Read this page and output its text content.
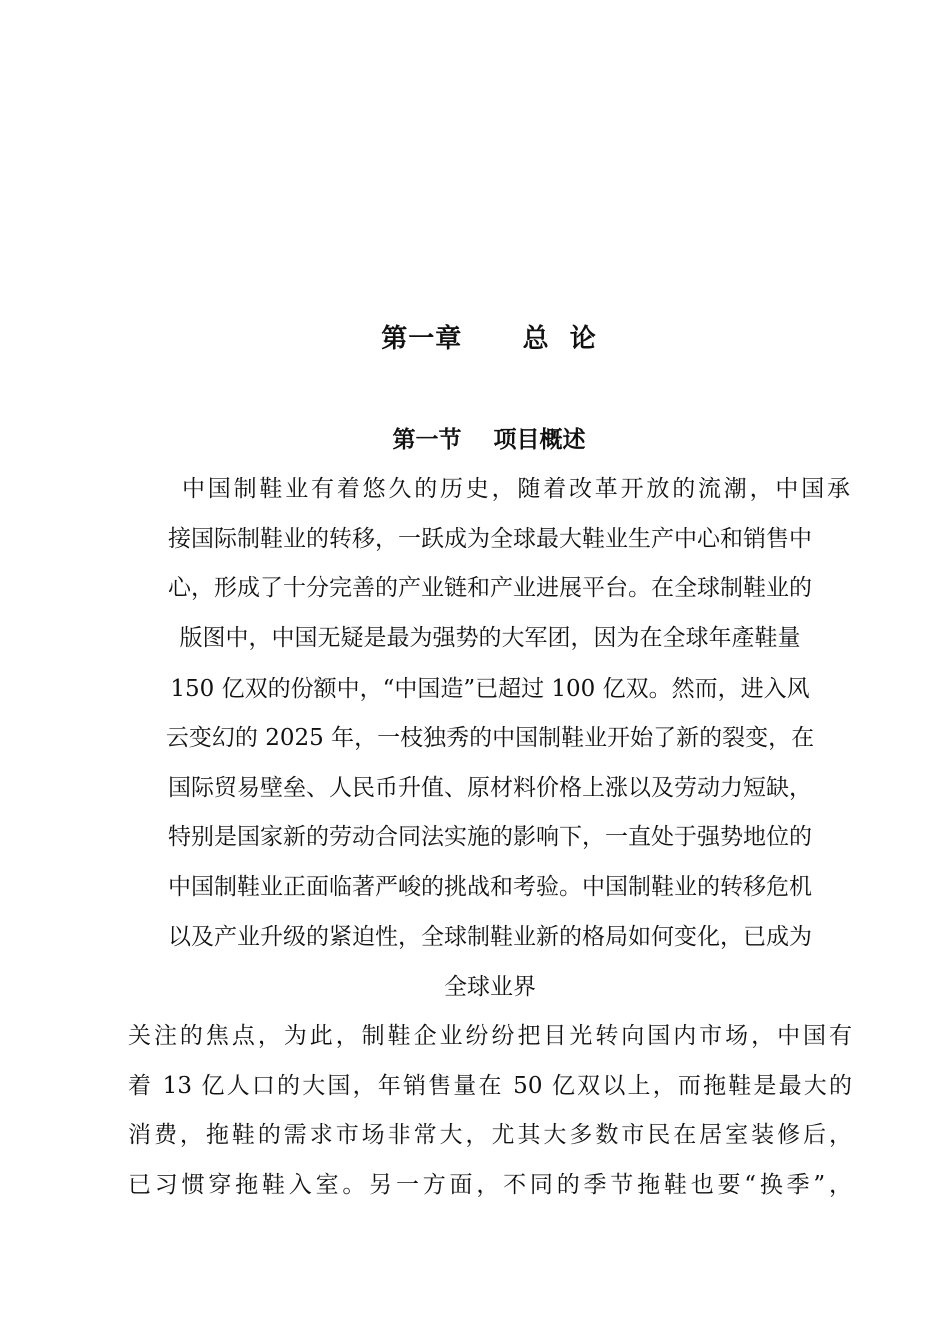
第一章      总  论
第一节    项目概述
中国制鞋业有着悠久的历史，随着改革开放的流潮，中国承
接国际制鞋业的转移，一跃成为全球最大鞋业生产中心和销售中
心，形成了十分完善的产业链和产业进展平台。在全球制鞋业的
版图中，中国无疑是最为强势的大军团，因为在全球年產鞋量
150 亿双的份额中，“中国造”已超过 100 亿双。然而，进入风
云变幻的 2025 年，一枝独秀的中国制鞋业开始了新的裂变，在
国际贸易壁垒、人民币升值、原材料价格上涨以及劳动力短缺，
特别是国家新的劳动合同法实施的影响下，一直处于强势地位的
中国制鞋业正面临著严峻的挑战和考验。中国制鞋业的转移危机
以及产业升级的紧迫性，全球制鞋业新的格局如何变化，已成为
全球业界
关注的焦点，为此，制鞋企业纷纷把目光转向国内市场，中国有
着 13 亿人口的大国，年销售量在 50 亿双以上，而拖鞋是最大的
消费，拖鞋的需求市场非常大，尤其大多数市民在居室装修后，
已习惯穿拖鞋入室。另一方面，不同的季节拖鞋也要“换季”，
